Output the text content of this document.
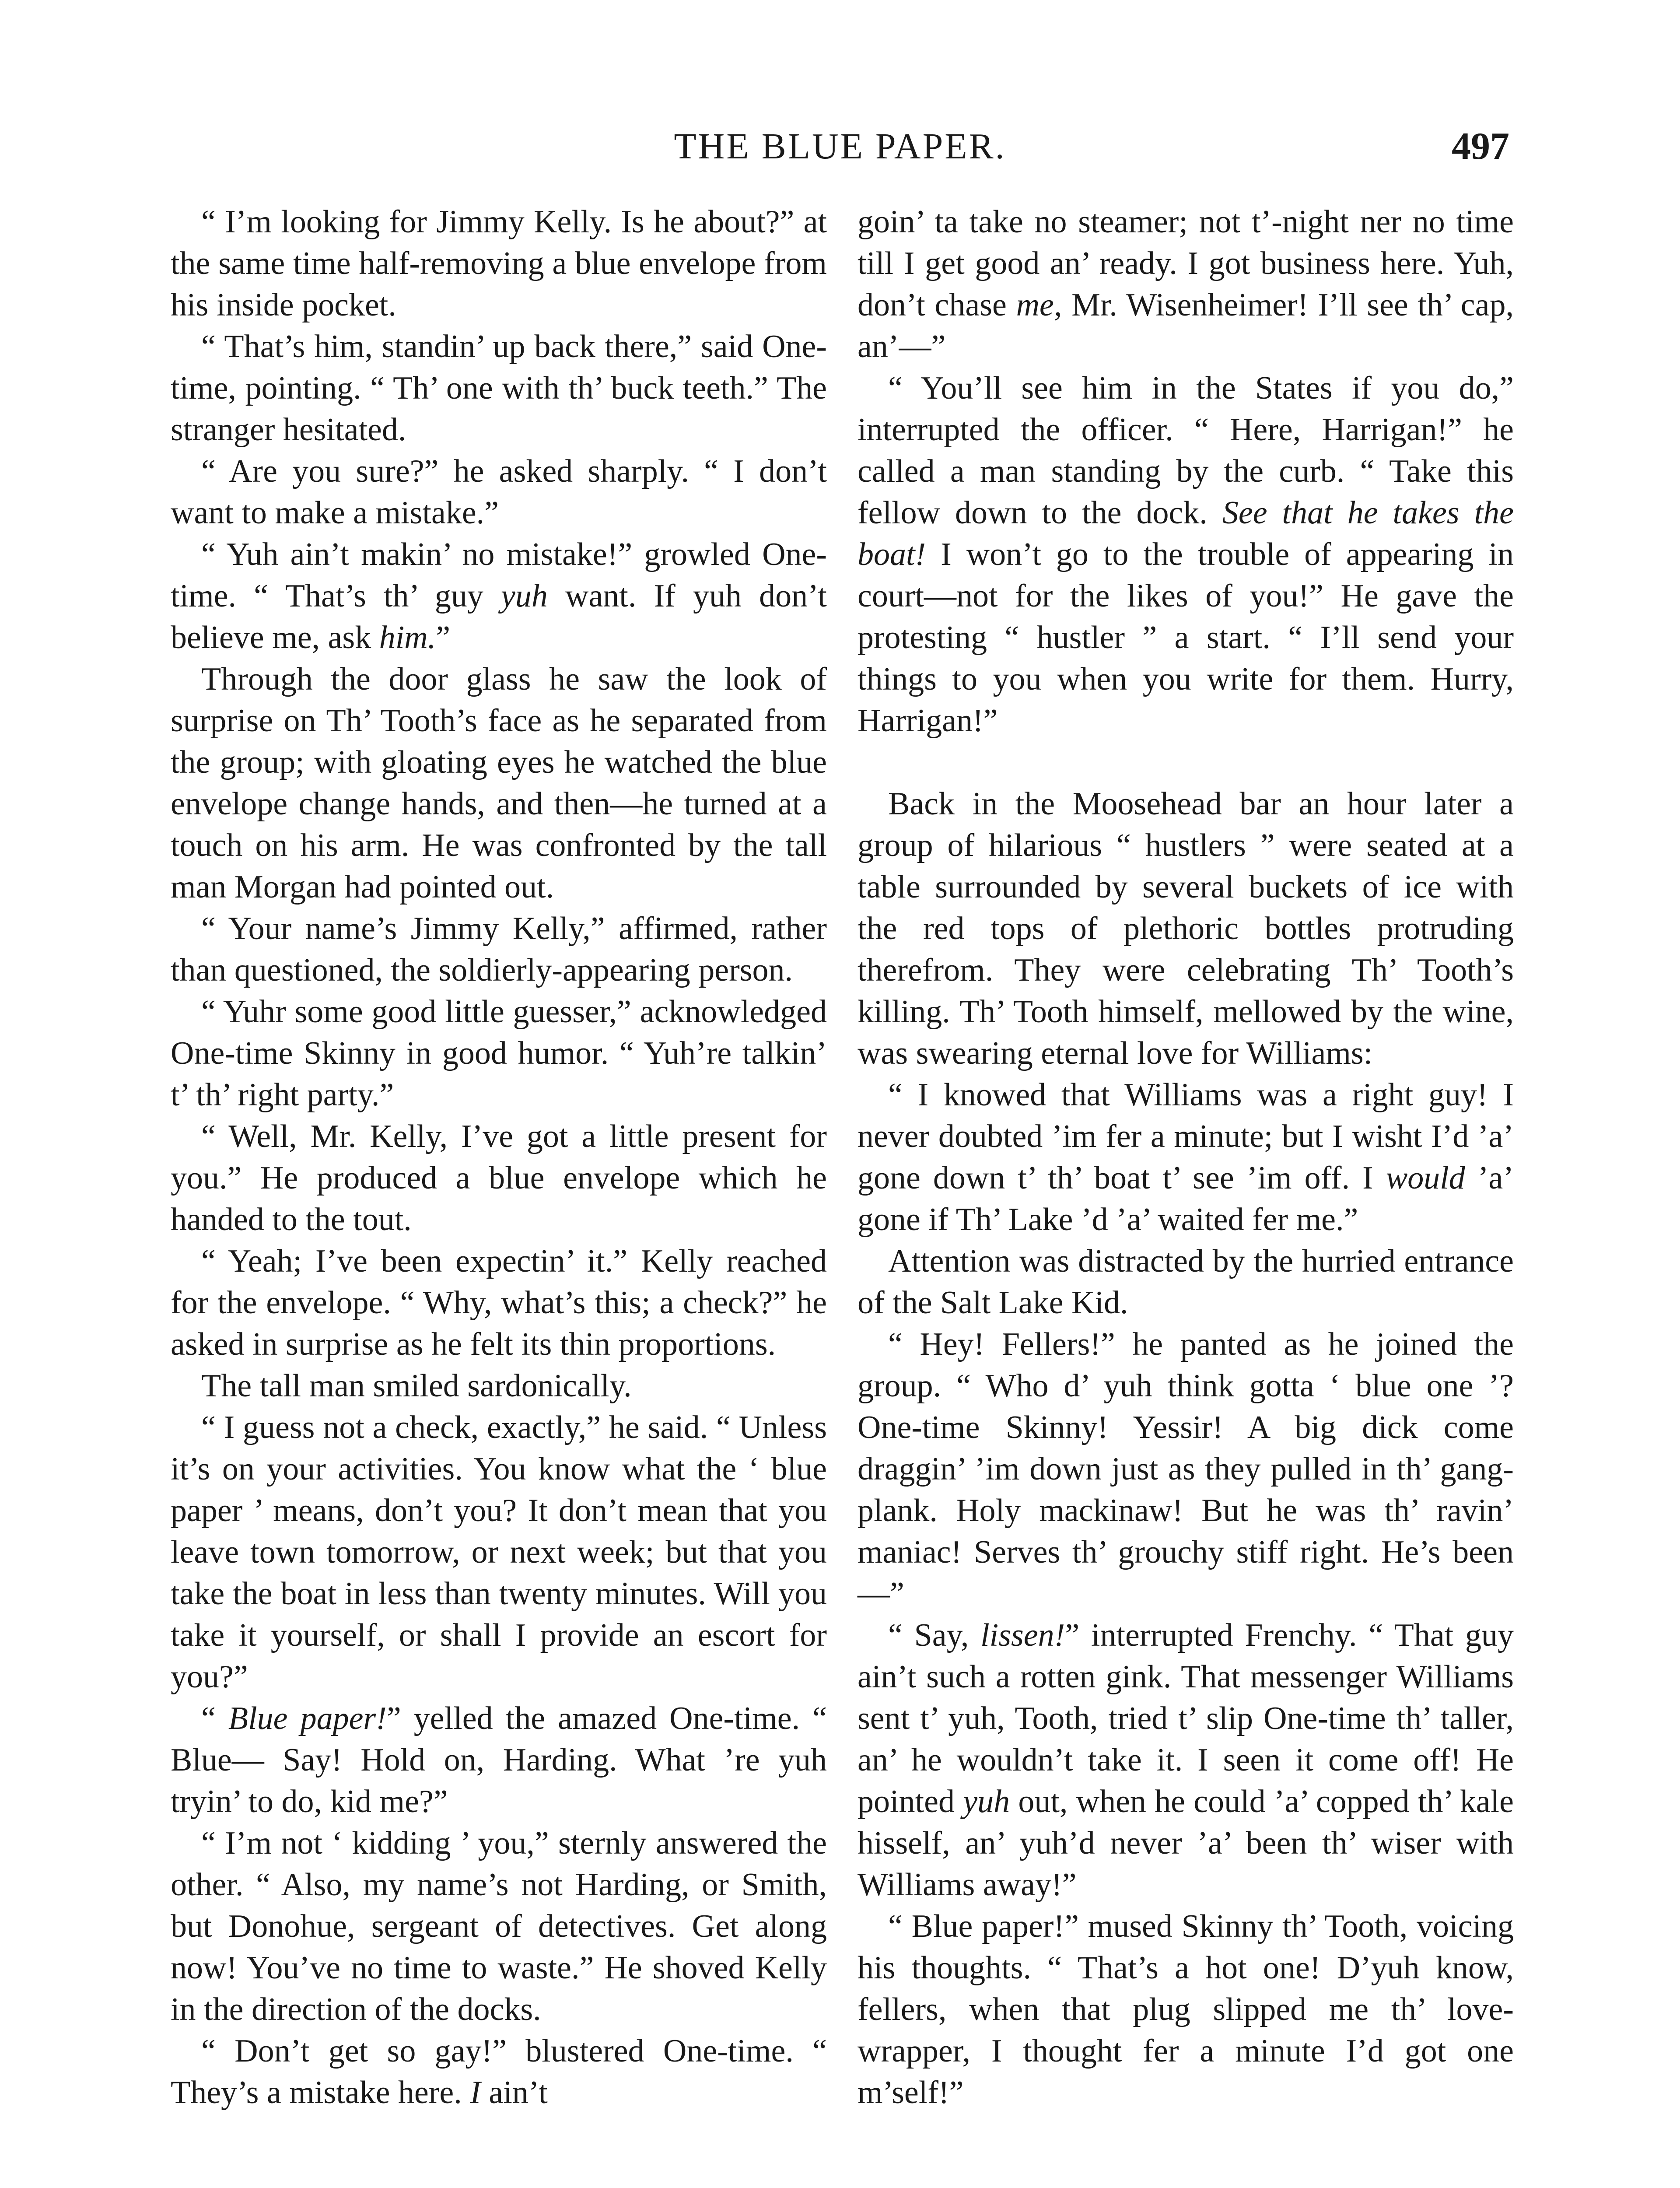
THE BLUE PAPER.	497

“ I’m looking for Jimmy Kelly. Is he about?” at the same time half-removing a blue envelope from his inside pocket.

“ That’s him, standin’ up back there,” said One-time, pointing. “ Th’ one with th’ buck teeth.” The stranger hesitated.

“ Are you sure?” he asked sharply. “ I don’t want to make a mistake.”

“ Yuh ain’t makin’ no mistake!” growled One-time. “ That’s th’ guy yuh want. If yuh don’t believe me, ask him.”

Through the door glass he saw the look of surprise on Th’ Tooth’s face as he separated from the group; with gloating eyes he watched the blue envelope change hands, and then—he turned at a touch on his arm. He was confronted by the tall man Morgan had pointed out.

“ Your name’s Jimmy Kelly,” affirmed, rather than questioned, the soldierly-appearing person.

“ Yuhr some good little guesser,” acknowledged One-time Skinny in good humor. “ Yuh’re talkin’ t’ th’ right party.”

“ Well, Mr. Kelly, I’ve got a little present for you.” He produced a blue envelope which he handed to the tout.

“ Yeah; I’ve been expectin’ it.” Kelly reached for the envelope. “ Why, what’s this; a check?” he asked in surprise as he felt its thin proportions.

The tall man smiled sardonically.

“ I guess not a check, exactly,” he said. “ Unless it’s on your activities. You know what the ‘ blue paper ’ means, don’t you? It don’t mean that you leave town tomorrow, or next week; but that you take the boat in less than twenty minutes. Will you take it yourself, or shall I provide an escort for you?”

“ Blue paper!” yelled the amazed One-time. “ Blue— Say! Hold on, Harding. What ’re yuh tryin’ to do, kid me?”

“ I’m not ‘ kidding ’ you,” sternly answered the other. “ Also, my name’s not Harding, or Smith, but Donohue, sergeant of detectives. Get along now! You’ve no time to waste.” He shoved Kelly in the direction of the docks.

“ Don’t get so gay!” blustered One-time. “ They’s a mistake here. I ain’t

goin’ ta take no steamer; not t’-night ner no time till I get good an’ ready. I got business here. Yuh, don’t chase me, Mr. Wisenheimer! I’ll see th’ cap, an’—”

“ You’ll see him in the States if you do,” interrupted the officer. “ Here, Harrigan!” he called a man standing by the curb. “ Take this fellow down to the dock. See that he takes the boat! I won’t go to the trouble of appearing in court—not for the likes of you!” He gave the protesting “ hustler ” a start. “ I’ll send your things to you when you write for them. Hurry, Harrigan!”

Back in the Moosehead bar an hour later a group of hilarious “ hustlers ” were seated at a table surrounded by several buckets of ice with the red tops of plethoric bottles protruding therefrom. They were celebrating Th’ Tooth’s killing. Th’ Tooth himself, mellowed by the wine, was swearing eternal love for Williams:

“ I knowed that Williams was a right guy! I never doubted ’im fer a minute; but I wisht I’d ’a’ gone down t’ th’ boat t’ see ’im off. I would ’a’ gone if Th’ Lake ’d ’a’ waited fer me.”

Attention was distracted by the hurried entrance of the Salt Lake Kid.

“ Hey! Fellers!” he panted as he joined the group. “ Who d’ yuh think gotta ‘ blue one ’? One-time Skinny! Yessir! A big dick come draggin’ ’im down just as they pulled in th’ gangplank. Holy mackinaw! But he was th’ ravin’ maniac! Serves th’ grouchy stiff right. He’s been—”

“ Say, lissen!” interrupted Frenchy. “ That guy ain’t such a rotten gink. That messenger Williams sent t’ yuh, Tooth, tried t’ slip One-time th’ taller, an’ he wouldn’t take it. I seen it come off! He pointed yuh out, when he could ’a’ copped th’ kale hisself, an’ yuh’d never ’a’ been th’ wiser with Williams away!”

“ Blue paper!” mused Skinny th’ Tooth, voicing his thoughts. “ That’s a hot one! D’yuh know, fellers, when that plug slipped me th’ love-wrapper, I thought fer a minute I’d got one m’self!”
